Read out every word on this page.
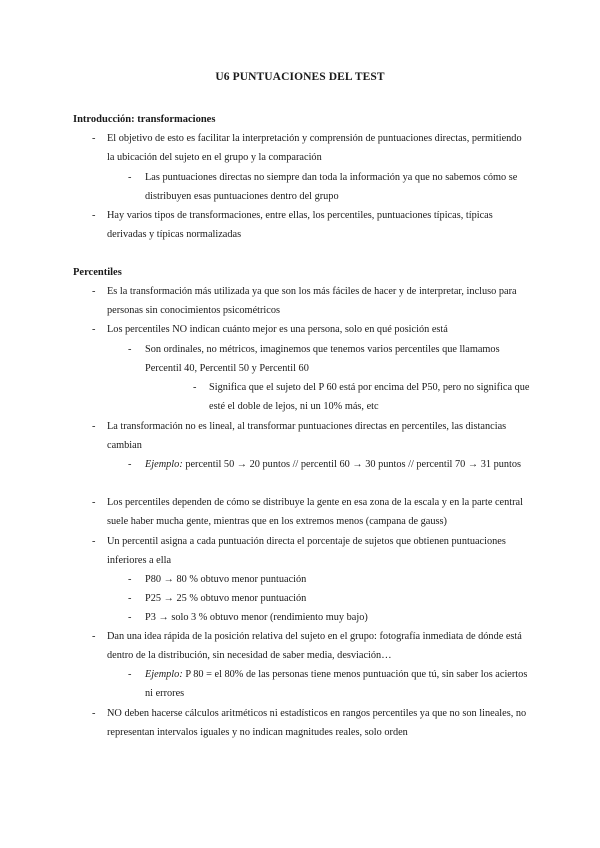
U6 PUNTUACIONES DEL TEST
Introducción: transformaciones
- El objetivo de esto es facilitar la interpretación y comprensión de puntuaciones directas, permitiendo la ubicación del sujeto en el grupo y la comparación
- Las puntuaciones directas no siempre dan toda la información ya que no sabemos cómo se distribuyen esas puntuaciones dentro del grupo
- Hay varios tipos de transformaciones, entre ellas, los percentiles, puntuaciones típicas, típicas derivadas y típicas normalizadas
Percentiles
- Es la transformación más utilizada ya que son los más fáciles de hacer y de interpretar, incluso para personas sin conocimientos psicométricos
- Los percentiles NO indican cuánto mejor es una persona, solo en qué posición está
- Son ordinales, no métricos, imaginemos que tenemos varios percentiles que llamamos Percentil 40, Percentil 50 y Percentil 60
- Significa que el sujeto del P 60 está por encima del P50, pero no significa que esté el doble de lejos, ni un 10% más, etc
- La transformación no es lineal, al transformar puntuaciones directas en percentiles, las distancias cambian
- Ejemplo: percentil 50 → 20 puntos // percentil 60 → 30 puntos // percentil 70 → 31 puntos
- Los percentiles dependen de cómo se distribuye la gente en esa zona de la escala y en la parte central suele haber mucha gente, mientras que en los extremos menos (campana de gauss)
- Un percentil asigna a cada puntuación directa el porcentaje de sujetos que obtienen puntuaciones inferiores a ella
- P80 → 80 % obtuvo menor puntuación
- P25 → 25 % obtuvo menor puntuación
- P3 → solo 3 % obtuvo menor (rendimiento muy bajo)
- Dan una idea rápida de la posición relativa del sujeto en el grupo: fotografía inmediata de dónde está dentro de la distribución, sin necesidad de saber media, desviación…
- Ejemplo: P 80 = el 80% de las personas tiene menos puntuación que tú, sin saber los aciertos ni errores
- NO deben hacerse cálculos aritméticos ni estadísticos en rangos percentiles ya que no son lineales, no representan intervalos iguales y no indican magnitudes reales, solo orden
